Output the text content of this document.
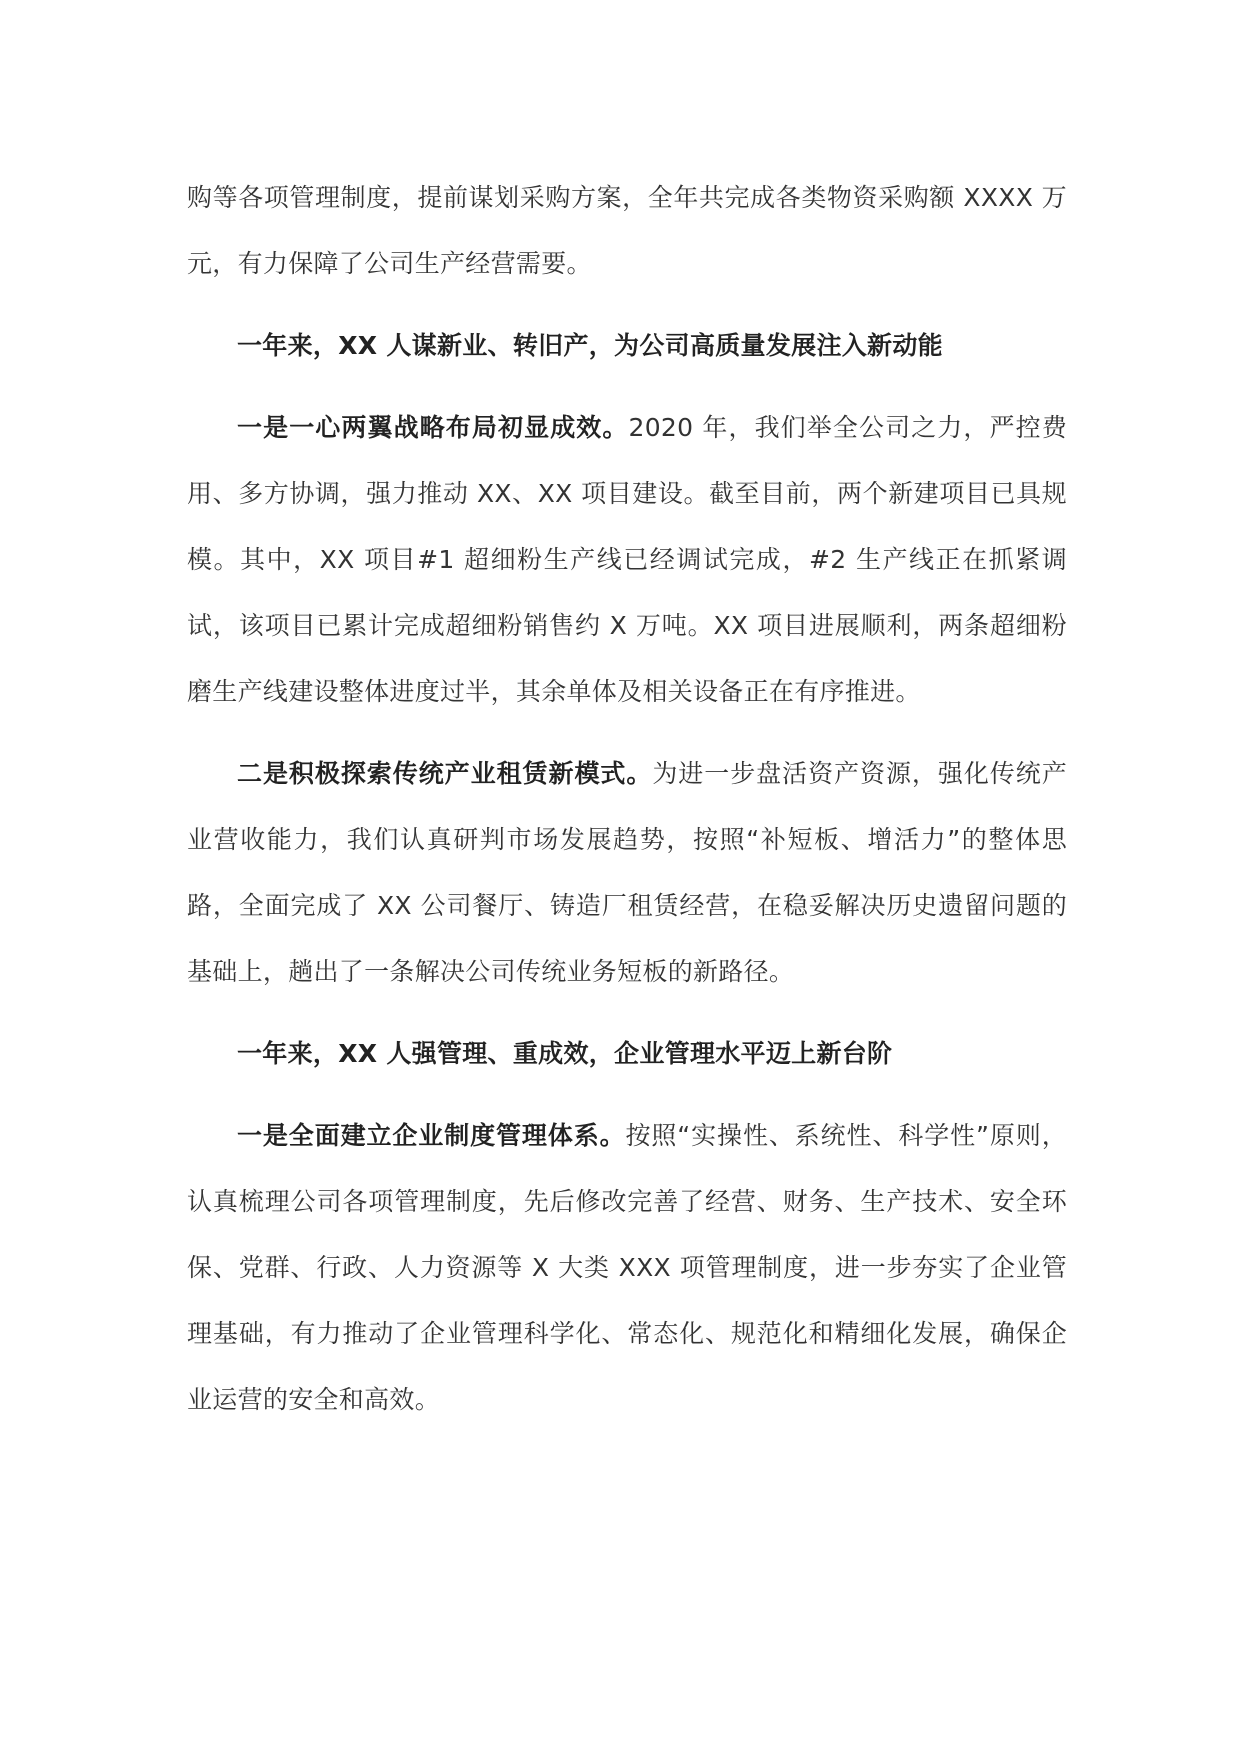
购等各项管理制度，提前谋划采购方案，全年共完成各类物资采购额 XXXX 万元，有力保障了公司生产经营需要。

一年来，XX 人谋新业、转旧产，为公司高质量发展注入新动能

一是一心两翼战略布局初显成效。2020 年，我们举全公司之力，严控费用、多方协调，强力推动 XX、XX 项目建设。截至目前，两个新建项目已具规模。其中，XX 项目#1 超细粉生产线已经调试完成，#2 生产线正在抓紧调试，该项目已累计完成超细粉销售约 X 万吨。XX 项目进展顺利，两条超细粉磨生产线建设整体进度过半，其余单体及相关设备正在有序推进。

二是积极探索传统产业租赁新模式。为进一步盘活资产资源，强化传统产业营收能力，我们认真研判市场发展趋势，按照“补短板、增活力”的整体思路，全面完成了 XX 公司餐厅、铸造厂租赁经营，在稳妥解决历史遗留问题的基础上，趟出了一条解决公司传统业务短板的新路径。

一年来，XX 人强管理、重成效，企业管理水平迈上新台阶

一是全面建立企业制度管理体系。按照“实操性、系统性、科学性”原则，认真梳理公司各项管理制度，先后修改完善了经营、财务、生产技术、安全环保、党群、行政、人力资源等 X 大类 XXX 项管理制度，进一步夯实了企业管理基础，有力推动了企业管理科学化、常态化、规范化和精细化发展，确保企业运营的安全和高效。
